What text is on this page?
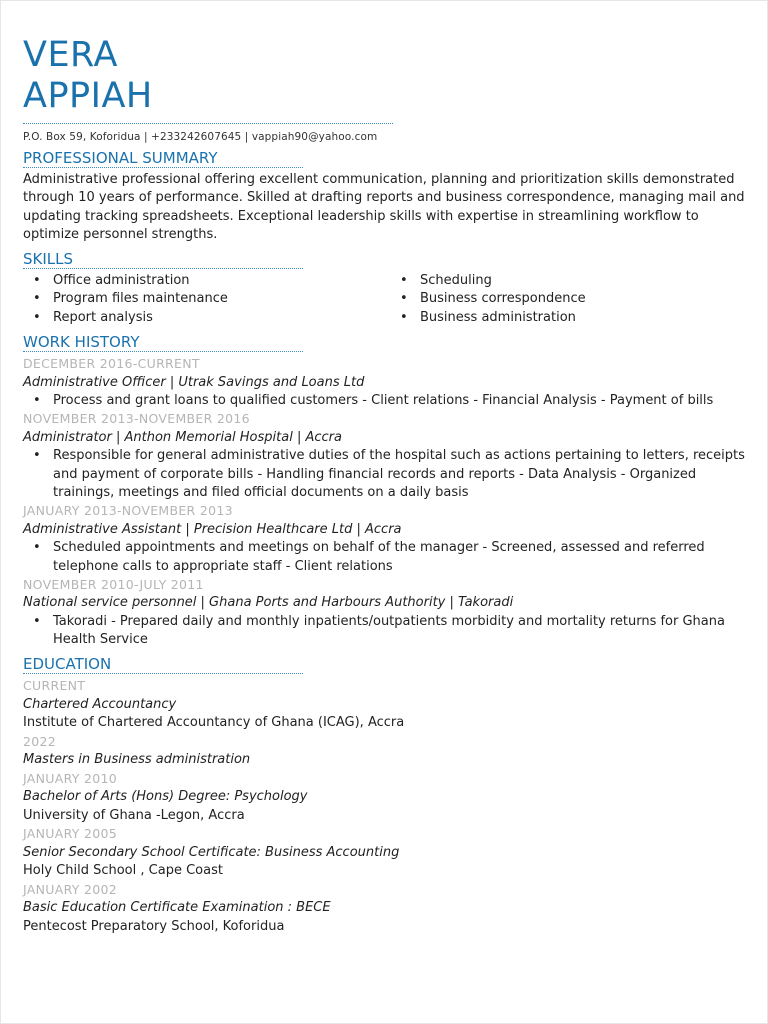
VERA
APPIAH
P.O. Box 59, Koforidua | +233242607645 | vappiah90@yahoo.com
PROFESSIONAL SUMMARY

Administrative professional offering excellent communication, planning and prioritization skills demonstrated through 10 years of performance. Skilled at drafting reports and business correspondence, managing mail and updating tracking spreadsheets. Exceptional leadership skills with expertise in streamlining workflow to optimize personnel strengths.

SKILLS
• Office administration
• Program files maintenance
• Report analysis
• Scheduling
• Business correspondence
• Business administration
WORK HISTORY
DECEMBER 2016-CURRENT
Administrative Officer | Utrak Savings and Loans Ltd
• Process and grant loans to qualified customers - Client relations - Financial Analysis - Payment of bills
NOVEMBER 2013-NOVEMBER 2016
Administrator | Anthon Memorial Hospital | Accra
• Responsible for general administrative duties of the hospital such as actions pertaining to letters, receipts and payment of corporate bills - Handling financial records and reports - Data Analysis - Organized trainings, meetings and filed official documents on a daily basis
JANUARY 2013-NOVEMBER 2013
Administrative Assistant | Precision Healthcare Ltd | Accra
• Scheduled appointments and meetings on behalf of the manager - Screened, assessed and referred telephone calls to appropriate staff - Client relations
NOVEMBER 2010-JULY 2011
National service personnel | Ghana Ports and Harbours Authority | Takoradi
• Takoradi - Prepared daily and monthly inpatients/outpatients morbidity and mortality returns for Ghana Health Service
EDUCATION
CURRENT
Chartered Accountancy
Institute of Chartered Accountancy of Ghana (ICAG), Accra
2022
Masters in Business administration
JANUARY 2010
Bachelor of Arts (Hons) Degree: Psychology
University of Ghana -Legon, Accra
JANUARY 2005
Senior Secondary School Certificate: Business Accounting
Holy Child School , Cape Coast
JANUARY 2002
Basic Education Certificate Examination : BECE
Pentecost Preparatory School, Koforidua
